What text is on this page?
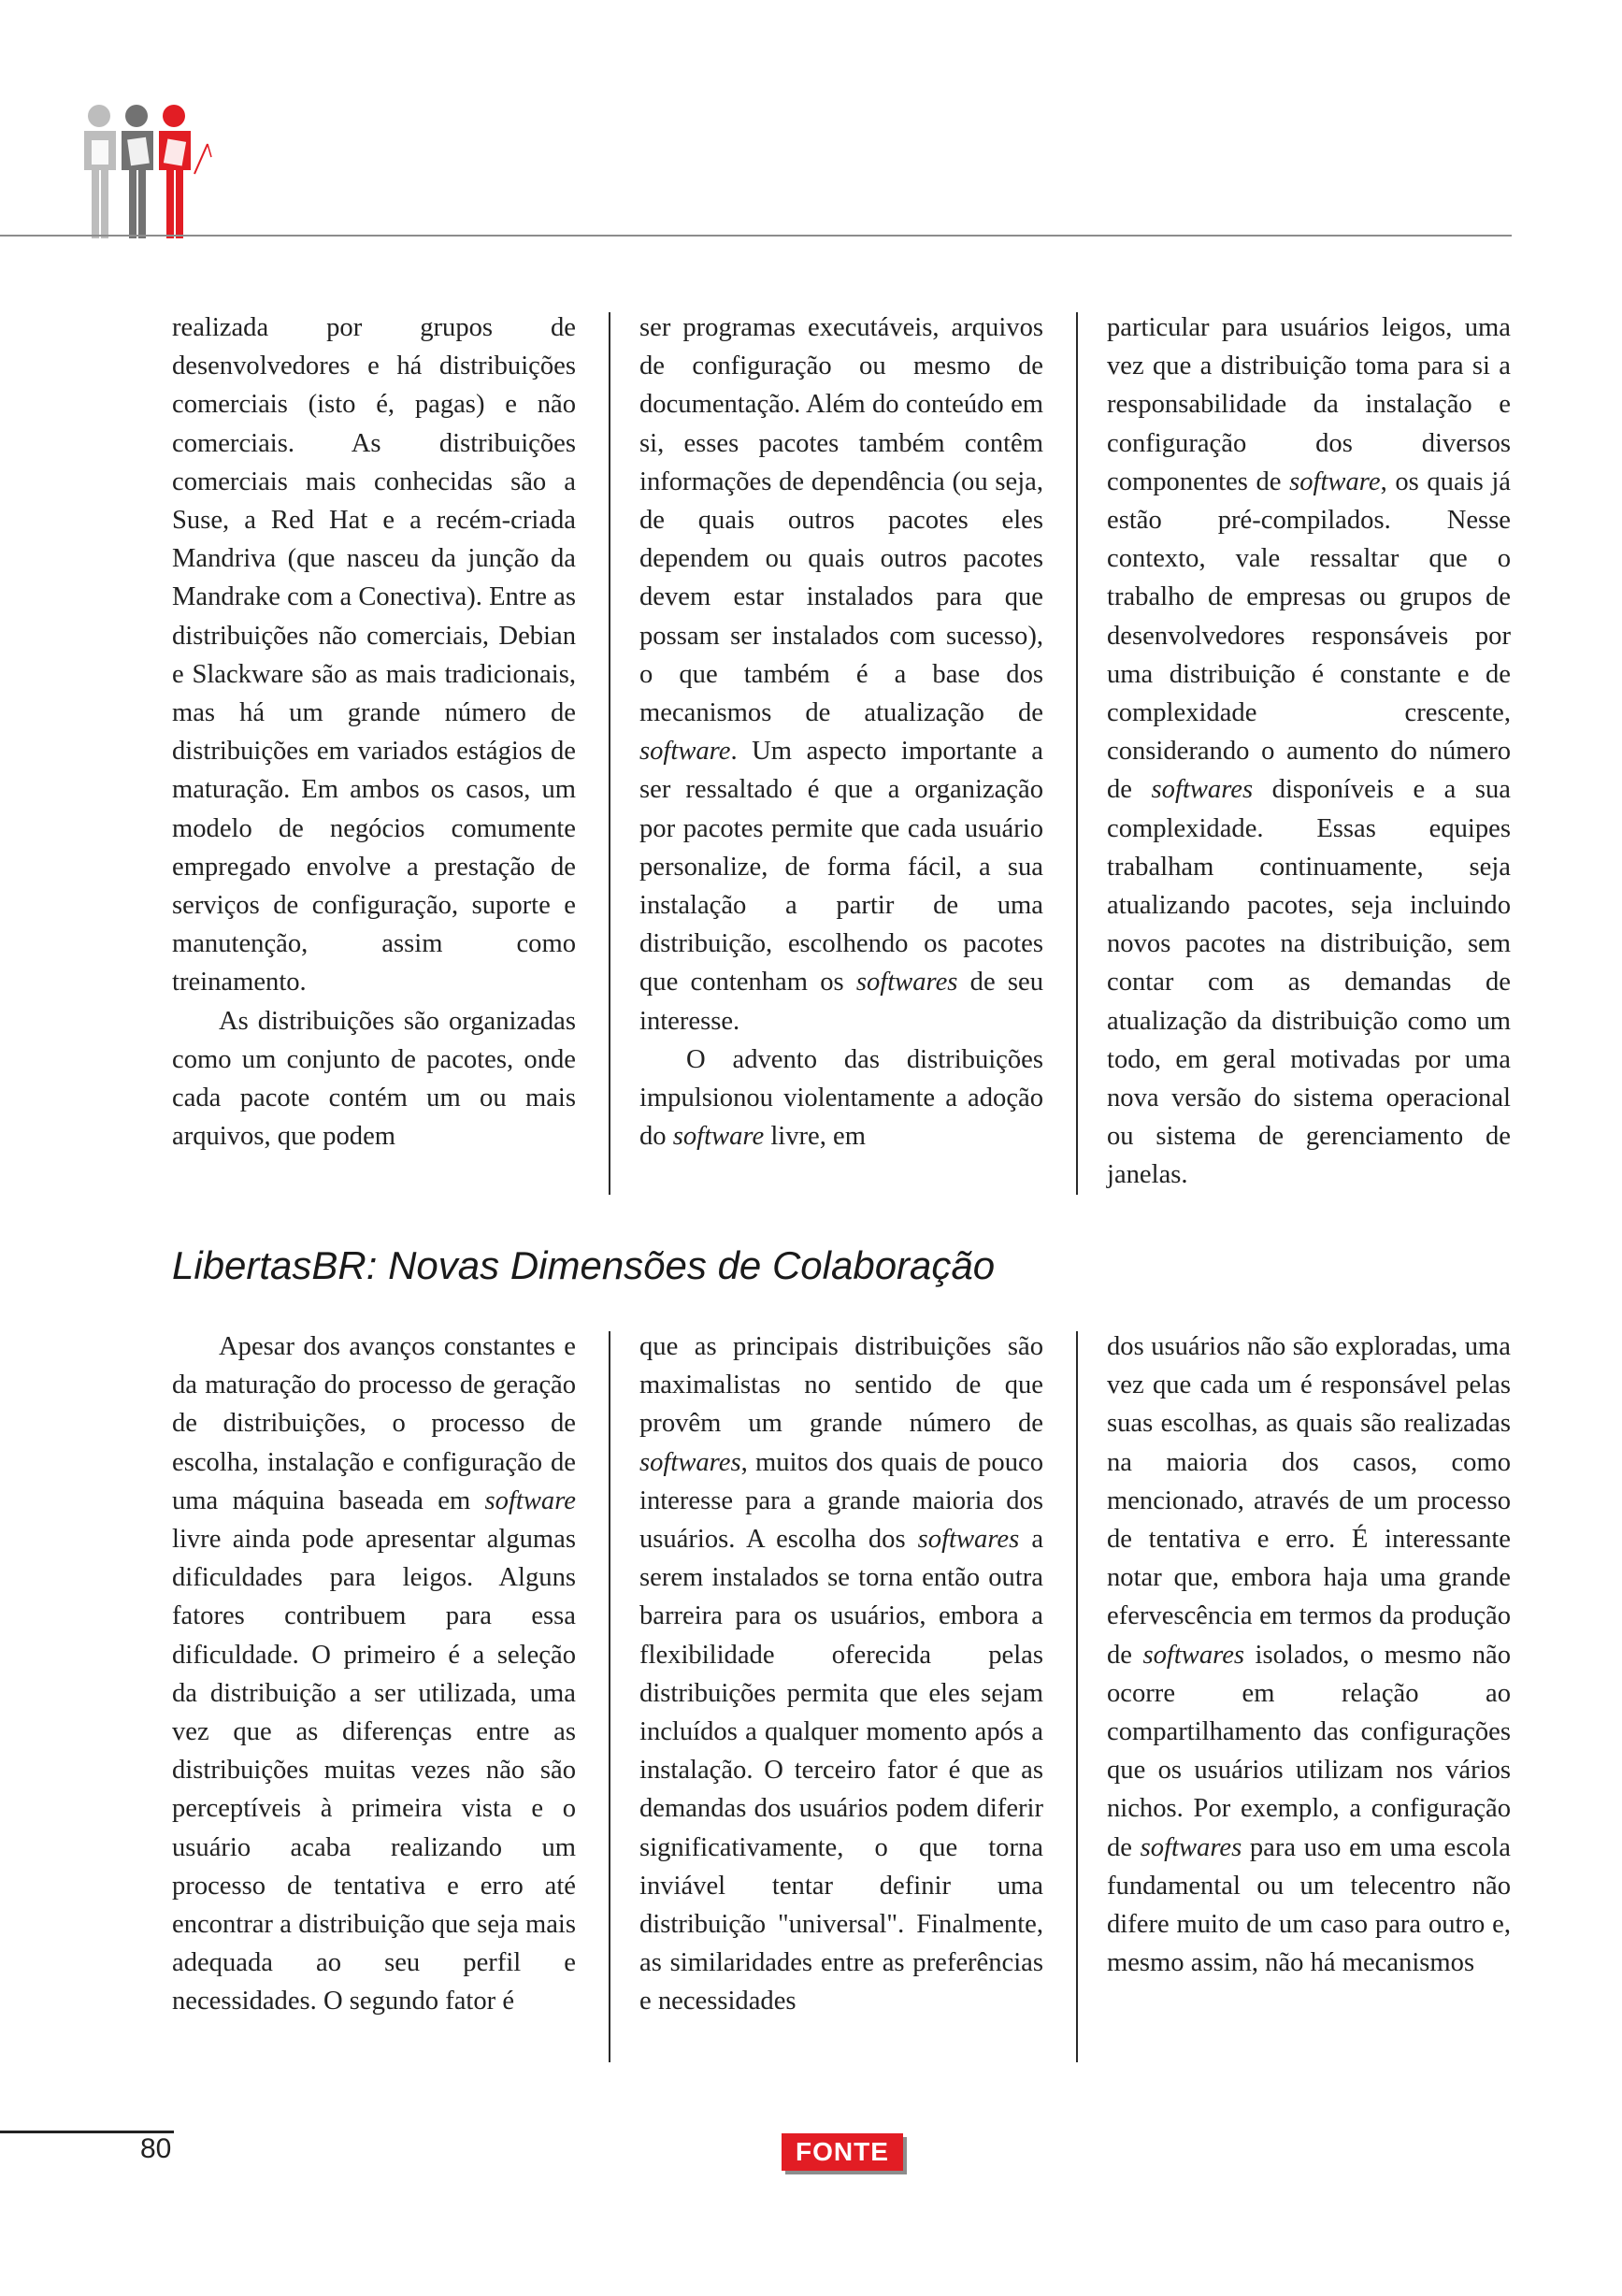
realizada por grupos de desenvolvedores e há distribuições comerciais (isto é, pagas) e não comerciais. As distribuições comerciais mais conhecidas são a Suse, a Red Hat e a recém-criada Mandriva (que nasceu da junção da Mandrake com a Conectiva). Entre as distribuições não comerciais, Debian e Slackware são as mais tradicionais, mas há um grande número de distribuições em variados estágios de maturação. Em ambos os casos, um modelo de negócios comumente empregado envolve a prestação de serviços de configuração, suporte e manutenção, assim como treinamento.

As distribuições são organizadas como um conjunto de pacotes, onde cada pacote contém um ou mais arquivos, que podem

ser programas executáveis, arquivos de configuração ou mesmo de documentação. Além do conteúdo em si, esses pacotes também contêm informações de dependência (ou seja, de quais outros pacotes eles dependem ou quais outros pacotes devem estar instalados para que possam ser instalados com sucesso), o que também é a base dos mecanismos de atualização de software. Um aspecto importante a ser ressaltado é que a organização por pacotes permite que cada usuário personalize, de forma fácil, a sua instalação a partir de uma distribuição, escolhendo os pacotes que contenham os softwares de seu interesse.

O advento das distribuições impulsionou violentamente a adoção do software livre, em

particular para usuários leigos, uma vez que a distribuição toma para si a responsabilidade da instalação e configuração dos diversos componentes de software, os quais já estão pré-compilados. Nesse contexto, vale ressaltar que o trabalho de empresas ou grupos de desenvolvedores responsáveis por uma distribuição é constante e de complexidade crescente, considerando o aumento do número de softwares disponíveis e a sua complexidade. Essas equipes trabalham continuamente, seja atualizando pacotes, seja incluindo novos pacotes na distribuição, sem contar com as demandas de atualização da distribuição como um todo, em geral motivadas por uma nova versão do sistema operacional ou sistema de gerenciamento de janelas.

LibertasBR: Novas Dimensões de Colaboração

Apesar dos avanços constantes e da maturação do processo de geração de distribuições, o processo de escolha, instalação e configuração de uma máquina baseada em software livre ainda pode apresentar algumas dificuldades para leigos. Alguns fatores contribuem para essa dificuldade. O primeiro é a seleção da distribuição a ser utilizada, uma vez que as diferenças entre as distribuições muitas vezes não são perceptíveis à primeira vista e o usuário acaba realizando um processo de tentativa e erro até encontrar a distribuição que seja mais adequada ao seu perfil e necessidades. O segundo fator é

que as principais distribuições são maximalistas no sentido de que provêm um grande número de softwares, muitos dos quais de pouco interesse para a grande maioria dos usuários. A escolha dos softwares a serem instalados se torna então outra barreira para os usuários, embora a flexibilidade oferecida pelas distribuições permita que eles sejam incluídos a qualquer momento após a instalação. O terceiro fator é que as demandas dos usuários podem diferir significativamente, o que torna inviável tentar definir uma distribuição "universal". Finalmente, as similaridades entre as preferências e necessidades

dos usuários não são exploradas, uma vez que cada um é responsável pelas suas escolhas, as quais são realizadas na maioria dos casos, como mencionado, através de um processo de tentativa e erro. É interessante notar que, embora haja uma grande efervescência em termos da produção de softwares isolados, o mesmo não ocorre em relação ao compartilhamento das configurações que os usuários utilizam nos vários nichos. Por exemplo, a configuração de softwares para uso em uma escola fundamental ou um telecentro não difere muito de um caso para outro e, mesmo assim, não há mecanismos

80	FONTE
